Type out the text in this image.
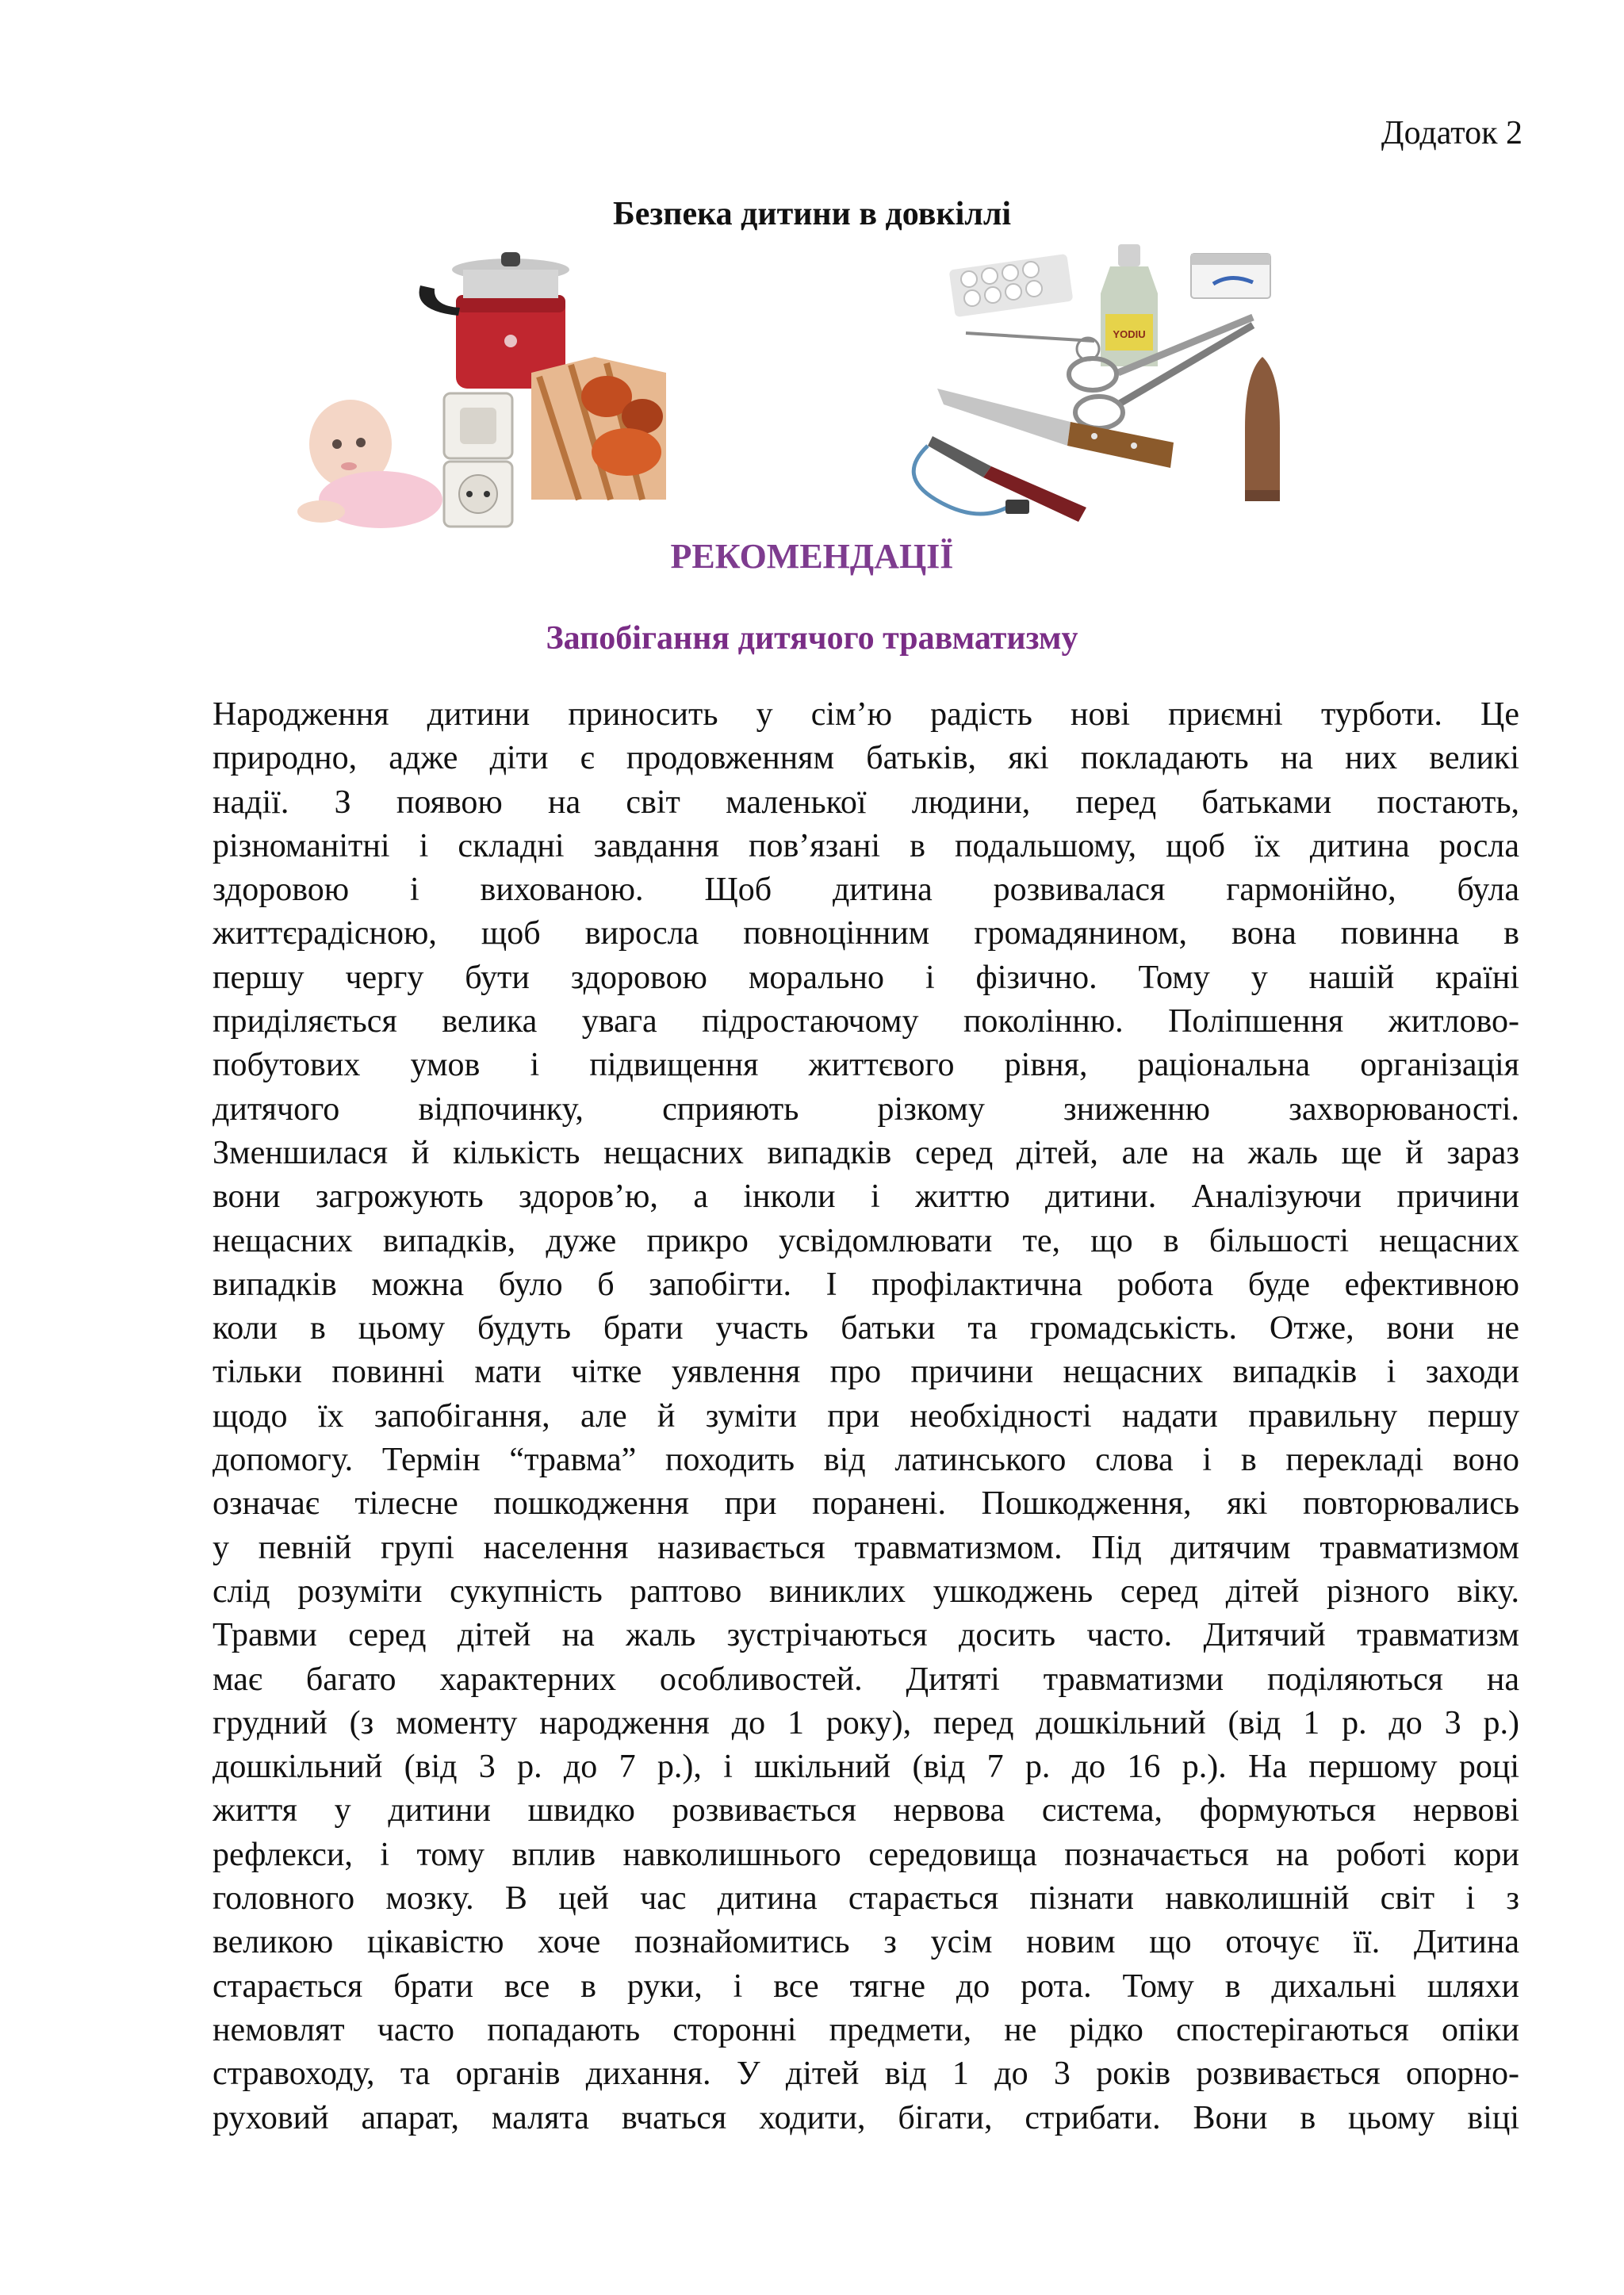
Додаток 2
Безпека дитини в довкіллі
YODIU
РЕКОМЕНДАЦІЇ
Запобігання дитячого травматизму
Народження дитини приносить у сім’ю радість нові приємні турботи. Це
природно, адже діти є продовженням батьків, які покладають на них великі
надії. З появою на світ маленької людини, перед батьками постають,
різноманітні і складні завдання пов’язані в подальшому, щоб їх дитина росла
здоровою і вихованою. Щоб дитина розвивалася гармонійно, була
життєрадісною, щоб виросла повноцінним громадянином, вона повинна в
першу чергу бути здоровою морально і фізично. Тому у нашій країні
приділяється велика увага підростаючому поколінню. Поліпшення житлово-
побутових умов і підвищення життєвого рівня, раціональна організація
дитячого відпочинку, сприяють різкому зниженню захворюваності.
Зменшилася й кількість нещасних випадків серед дітей, але на жаль ще й зараз
вони загрожують здоров’ю, а інколи і життю дитини. Аналізуючи причини
нещасних випадків, дуже прикро усвідомлювати те, що в більшості нещасних
випадків можна було б запобігти. І профілактична робота буде ефективною
коли в цьому будуть брати участь батьки та громадськість. Отже, вони не
тільки повинні мати чітке уявлення про причини нещасних випадків і заходи
щодо їх запобігання, але й зуміти при необхідності надати правильну першу
допомогу. Термін “травма” походить від латинського слова і в перекладі воно
означає тілесне пошкодження при поранені. Пошкодження, які повторювались
у певній групі населення називається травматизмом. Під дитячим травматизмом
слід розуміти сукупність раптово виниклих ушкоджень серед дітей різного віку.
Травми серед дітей на жаль зустрічаються досить часто. Дитячий травматизм
має багато характерних особливостей. Дитяті травматизми поділяються на
грудний (з моменту народження до 1 року), перед дошкільний (від 1 р. до 3 р.)
дошкільний (від 3 р. до 7 р.), і шкільний (від 7 р. до 16 р.). На першому році
життя у дитини швидко розвивається нервова система, формуються нервові
рефлекси, і тому вплив навколишнього середовища позначається на роботі кори
головного мозку. В цей час дитина старається пізнати навколишній світ і з
великою цікавістю хоче познайомитись з усім новим що оточує її. Дитина
старається брати все в руки, і все тягне до рота. Тому в дихальні шляхи
немовлят часто попадають сторонні предмети, не рідко спостерігаються опіки
стравоходу, та органів дихання. У дітей від 1 до 3 років розвивається опорно-
руховий апарат, малята вчаться ходити, бігати, стрибати. Вони в цьому віці
